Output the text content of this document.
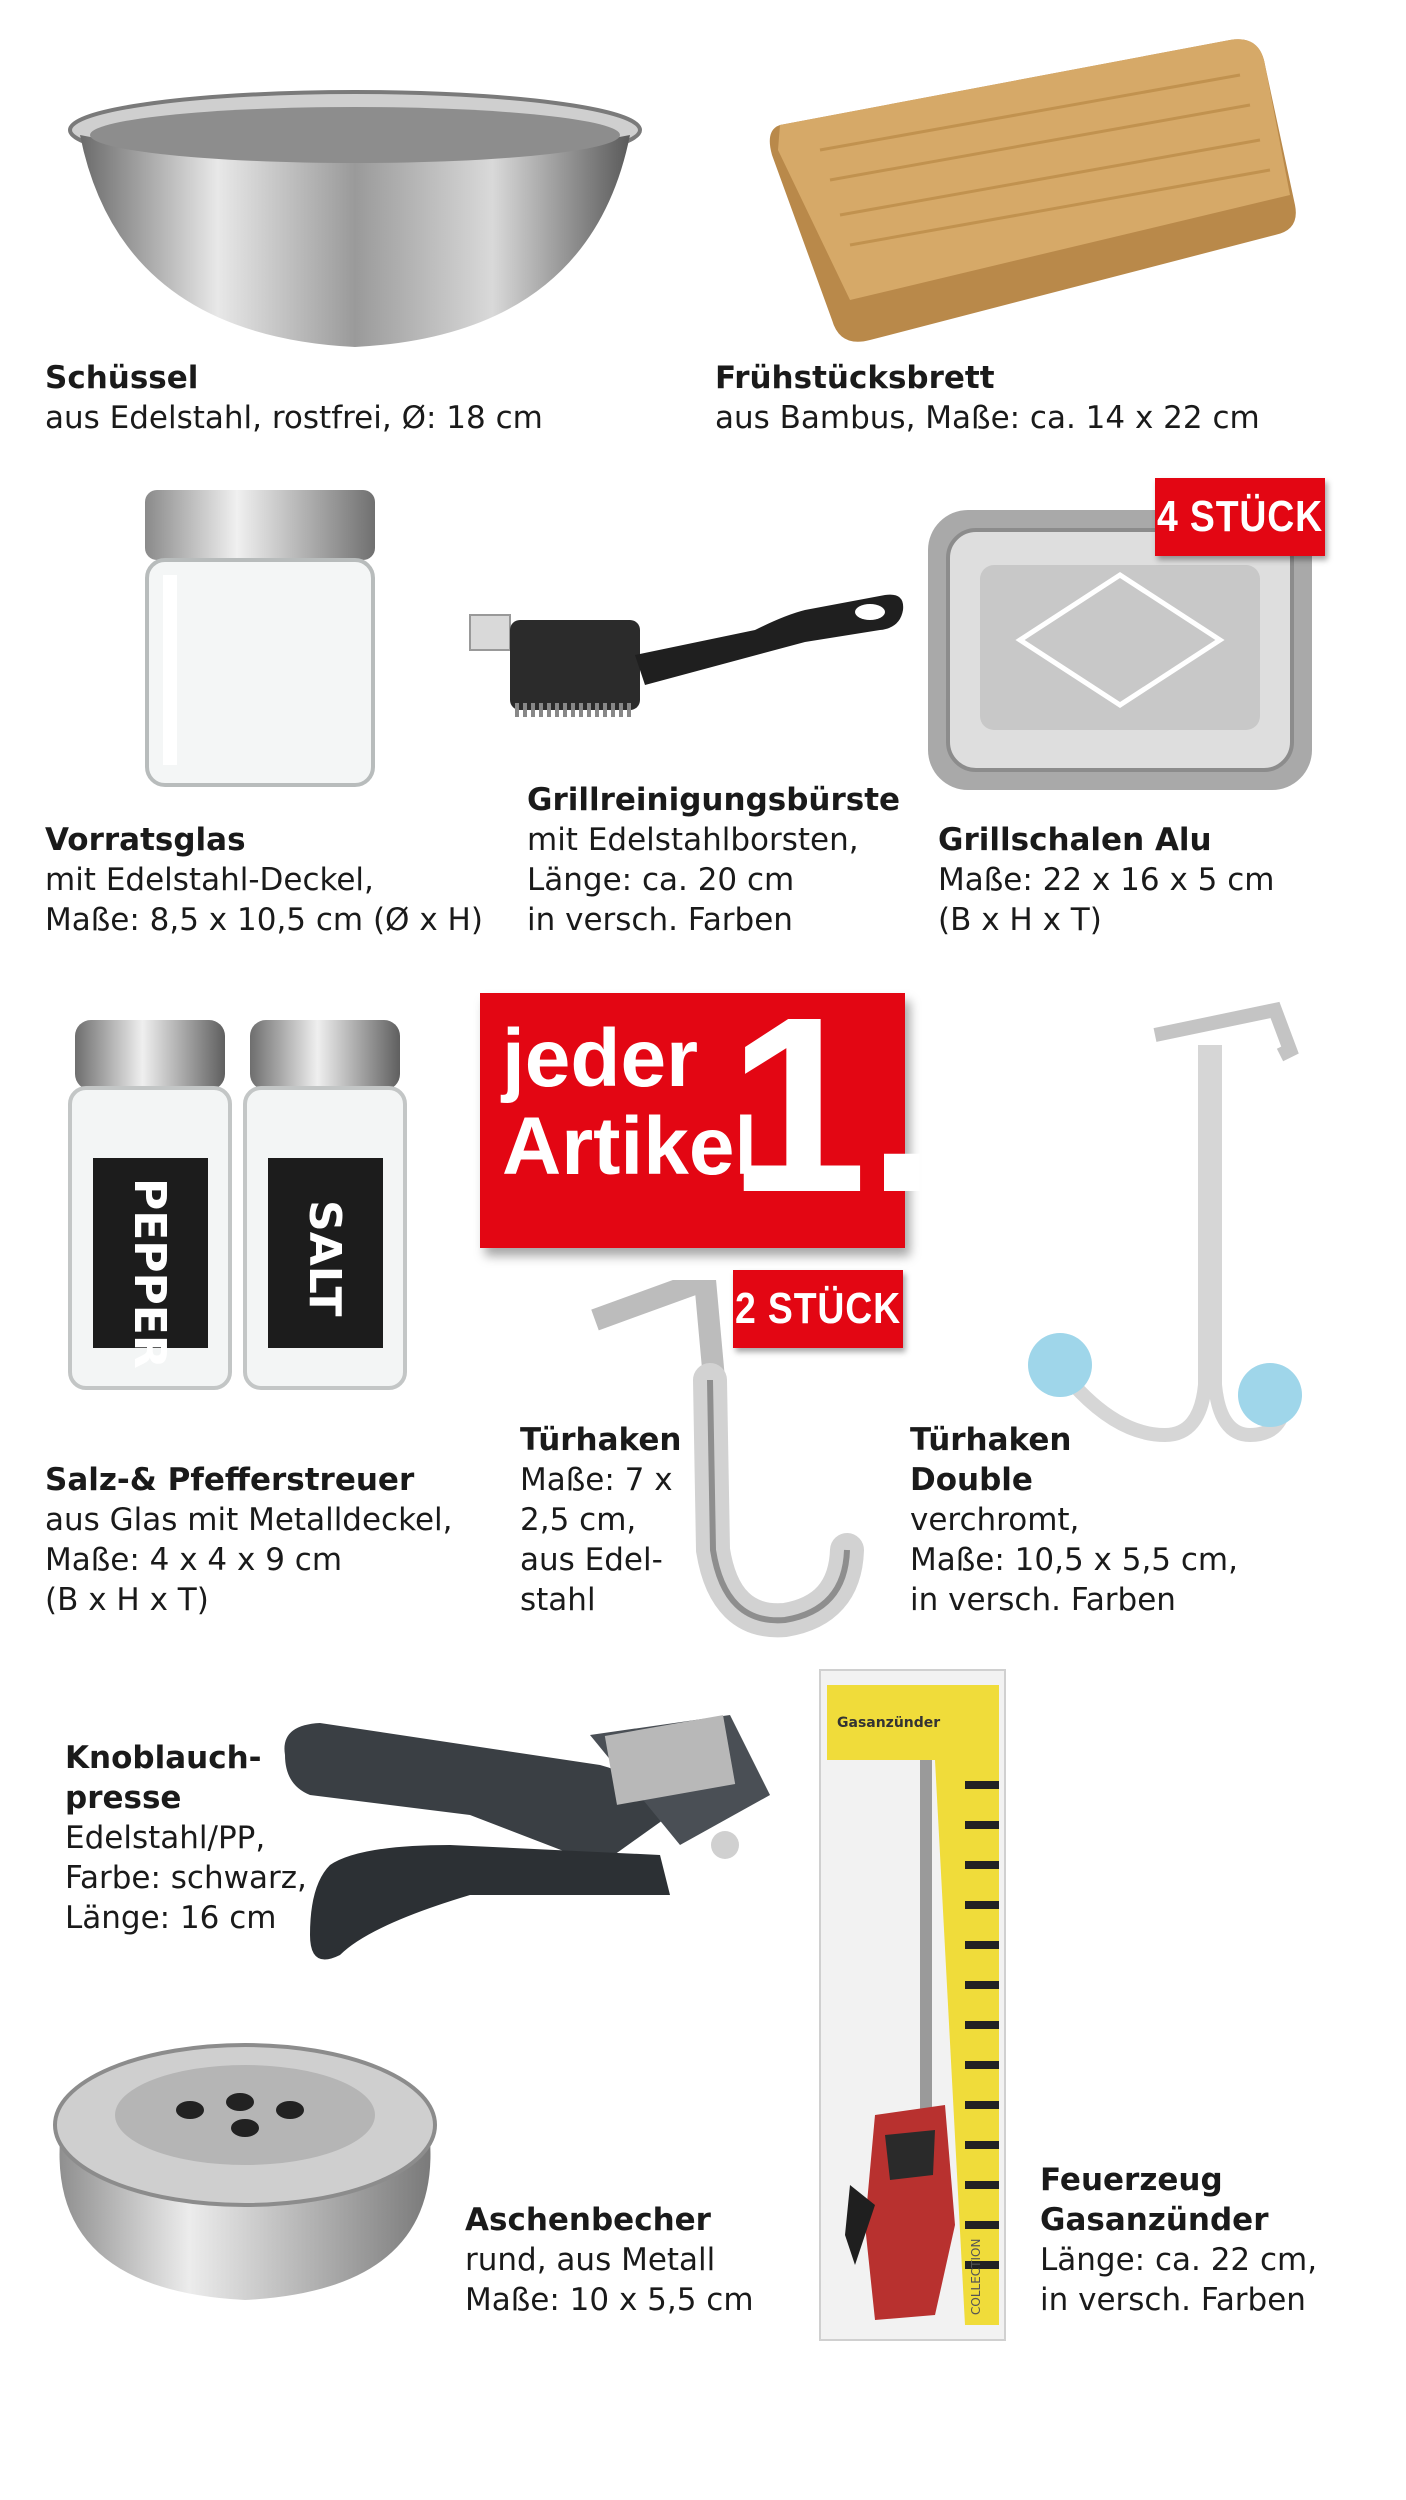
Schüssel
aus Edelstahl, rostfrei, Ø: 18 cm
Frühstücksbrett
aus Bambus, Maße: ca. 14 x 22 cm
4 STÜCK
Vorratsglas
mit Edelstahl-Deckel,
Maße: 8,5 x 10,5 cm (Ø x H)
Grillreinigungsbürste
mit Edelstahlborsten,
Länge: ca. 20 cm
in versch. Farben
Grillschalen Alu
Maße: 22 x 16 x 5 cm
(B x H x T)
PEPPER	SALT
jeder
Artikel
1.-
2 STÜCK
Salz-& Pfefferstreuer
aus Glas mit Metalldeckel,
Maße: 4 x 4 x 9 cm
(B x H x T)
Türhaken
Maße: 7 x
2,5 cm,
aus Edel-
stahl
Türhaken
Double
verchromt,
Maße: 10,5 x 5,5 cm,
in versch. Farben
Knoblauch-
presse
Edelstahl/PP,
Farbe: schwarz,
Länge: 16 cm
Gasanzünder
COLLECTION
Feuerzeug
Gasanzünder
Länge: ca. 22 cm,
in versch. Farben
Aschenbecher
rund, aus Metall
Maße: 10 x 5,5 cm
